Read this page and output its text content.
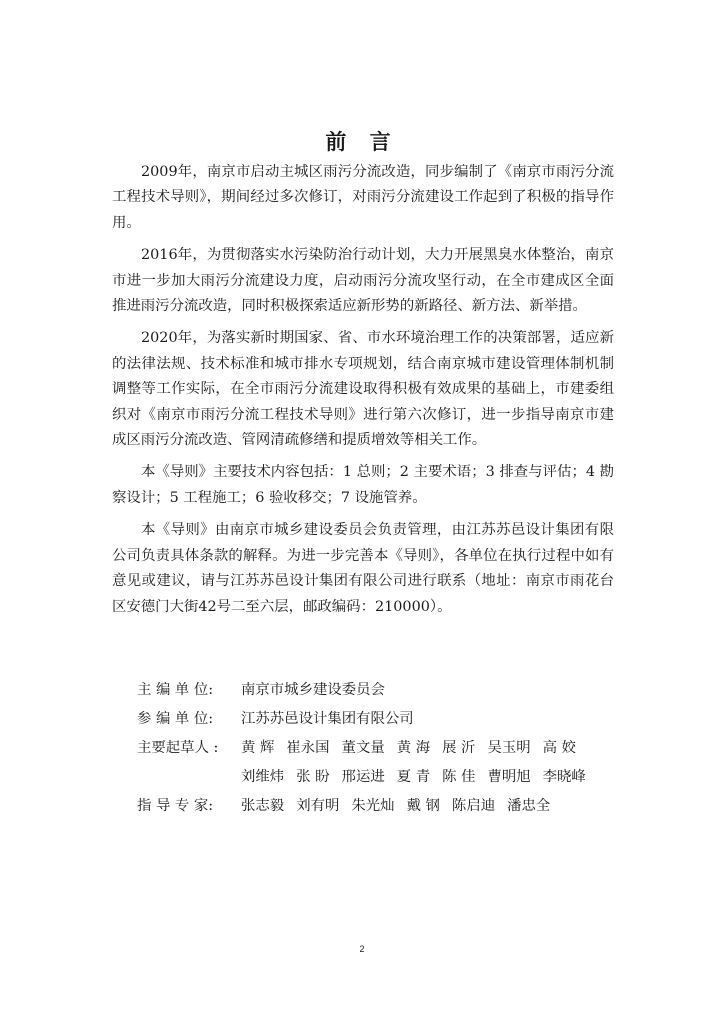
前 言

2009年，南京市启动主城区雨污分流改造，同步编制了《南京市雨污分流工程技术导则》，期间经过多次修订，对雨污分流建设工作起到了积极的指导作用。

2016年，为贯彻落实水污染防治行动计划，大力开展黑臭水体整治，南京市进一步加大雨污分流建设力度，启动雨污分流攻坚行动，在全市建成区全面推进雨污分流改造，同时积极探索适应新形势的新路径、新方法、新举措。

2020年，为落实新时期国家、省、市水环境治理工作的决策部署，适应新的法律法规、技术标准和城市排水专项规划，结合南京城市建设管理体制机制调整等工作实际，在全市雨污分流建设取得积极有效成果的基础上，市建委组织对《南京市雨污分流工程技术导则》进行第六次修订，进一步指导南京市建成区雨污分流改造、管网清疏修缮和提质增效等相关工作。

本《导则》主要技术内容包括：1 总则；2 主要术语；3 排查与评估；4 勘察设计；5 工程施工；6 验收移交；7 设施管养。

本《导则》由南京市城乡建设委员会负责管理，由江苏苏邑设计集团有限公司负责具体条款的解释。为进一步完善本《导则》，各单位在执行过程中如有意见或建议，请与江苏苏邑设计集团有限公司进行联系（地址：南京市雨花台区安德门大街42号二至六层，邮政编码：210000）。

主 编 单 位:	南京市城乡建设委员会
参 编 单 位:	江苏苏邑设计集团有限公司
主要起草人 :	黄 辉 崔永国 董文量 黄 海 展 沂 吴玉明 高 姣
刘维炜 张 盼 邢运进 夏 青 陈 佳 曹明旭 李晓峰
指 导 专 家:	张志毅 刘有明 朱光灿 戴 钢 陈启迪 潘忠全
2
